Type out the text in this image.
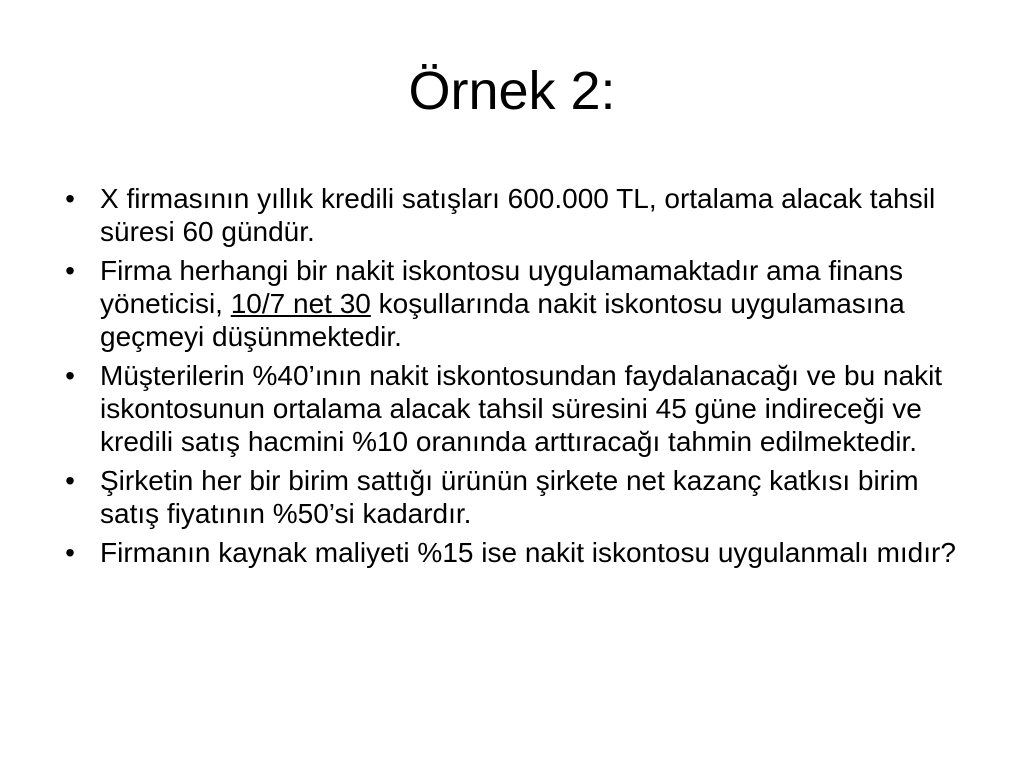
Örnek 2:
• X firmasının yıllık kredili satışları 600.000 TL, ortalama alacak tahsil süresi 60 gündür.
• Firma herhangi bir nakit iskontosu uygulamamaktadır ama finans yöneticisi, 10/7 net 30 koşullarında nakit iskontosu uygulamasına geçmeyi düşünmektedir.
• Müşterilerin %40’ının nakit iskontosundan faydalanacağı ve bu nakit iskontosunun ortalama alacak tahsil süresini 45 güne indireceği ve kredili satış hacmini %10 oranında arttıracağı tahmin edilmektedir.
• Şirketin her bir birim sattığı ürünün şirkete net kazanç katkısı birim satış fiyatının %50’si kadardır.
• Firmanın kaynak maliyeti %15 ise nakit iskontosu uygulanmalı mıdır?
